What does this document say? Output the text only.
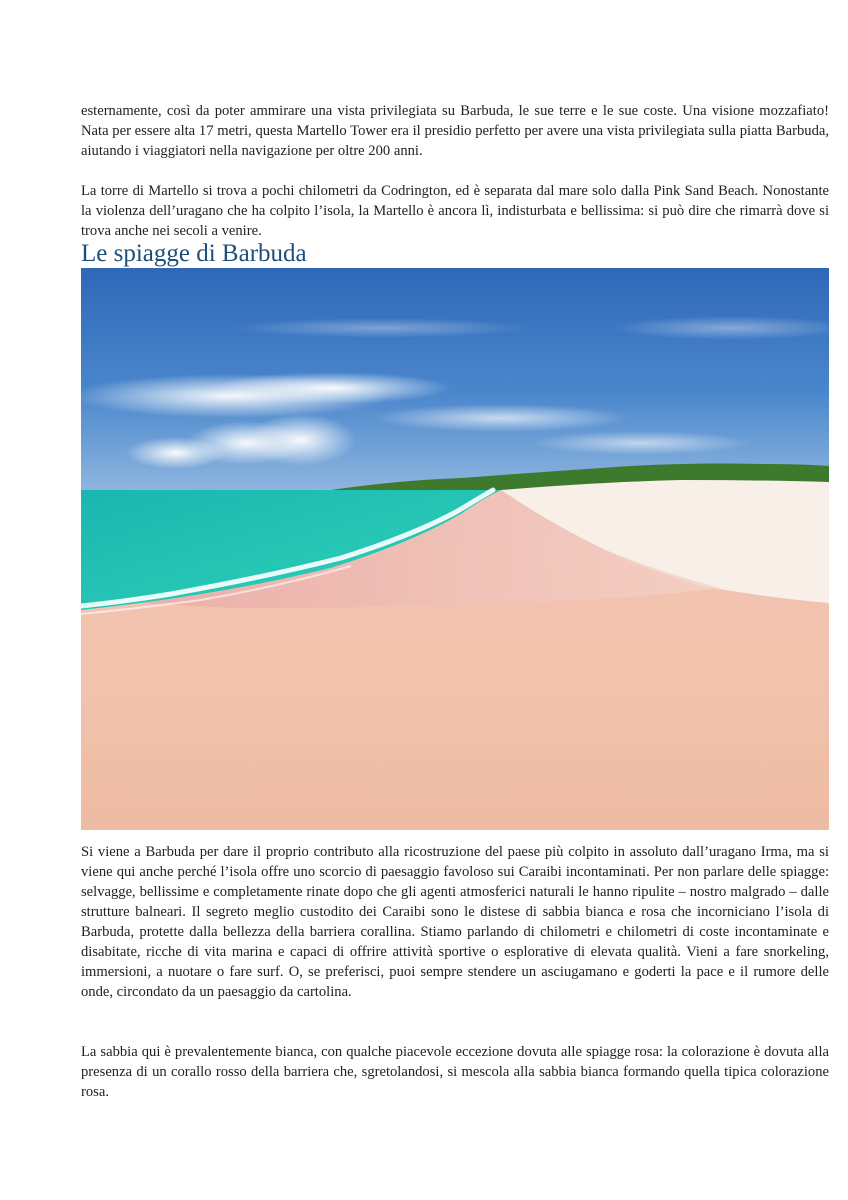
esternamente, così da poter ammirare una vista privilegiata su Barbuda, le sue terre e le sue coste. Una visione mozzafiato! Nata per essere alta 17 metri, questa Martello Tower era il presidio perfetto per avere una vista privilegiata sulla piatta Barbuda, aiutando i viaggiatori nella navigazione per oltre 200 anni.

La torre di Martello si trova a pochi chilometri da Codrington, ed è separata dal mare solo dalla Pink Sand Beach. Nonostante la violenza dell’uragano che ha colpito l’isola, la Martello è ancora lì, indisturbata e bellissima: si può dire che rimarrà dove si trova anche nei secoli a venire.

Le spiagge di Barbuda

Si viene a Barbuda per dare il proprio contributo alla ricostruzione del paese più colpito in assoluto dall’uragano Irma, ma si viene qui anche perché l’isola offre uno scorcio di paesaggio favoloso sui Caraibi incontaminati. Per non parlare delle spiagge: selvagge, bellissime e completamente rinate dopo che gli agenti atmosferici naturali le hanno ripulite – nostro malgrado – dalle strutture balneari. Il segreto meglio custodito dei Caraibi sono le distese di sabbia bianca e rosa che incorniciano l’isola di Barbuda, protette dalla bellezza della barriera corallina. Stiamo parlando di chilometri e chilometri di coste incontaminate e disabitate, ricche di vita marina e capaci di offrire attività sportive o esplorative di elevata qualità. Vieni a fare snorkeling, immersioni, a nuotare o fare surf. O, se preferisci, puoi sempre stendere un asciugamano e goderti la pace e il rumore delle onde, circondato da un paesaggio da cartolina.

La sabbia qui è prevalentemente bianca, con qualche piacevole eccezione dovuta alle spiagge rosa: la colorazione è dovuta alla presenza di un corallo rosso della barriera che, sgretolandosi, si mescola alla sabbia bianca formando quella tipica colorazione rosa.
